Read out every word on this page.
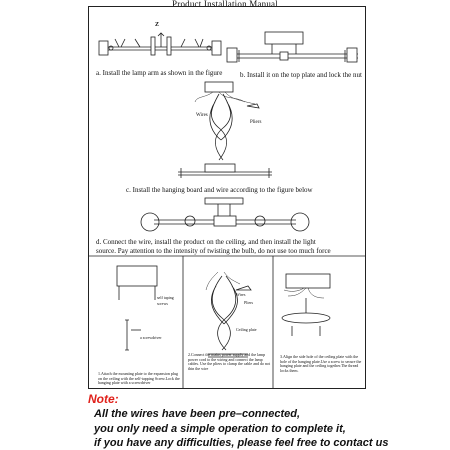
Product Installation Manual
Z
a. Install the lamp arm as shown in the figure	b. Install it on the top plate and lock the nut
Wires
Pliers
c. Install the hanging board and wire according to the figure below
d. Connect the wire, install the product on the ceiling, and then install the light
source. Pay attention to the intensity of twisting the bulb, do not use too much force
self taping
screws
a screwdriver
1.Attach the mounting plate to the expansion plug on the ceiling with the self-tapping Screw.Lock the hanging plate with a screwdriver
Wires
Pliers
Ceiling plate
2.Connect the mains power supply and the lamp power cord to the wiring and connect the lamp cables. Use the pliers to clamp the cable and do not thin the wire
3.Align the side hole of the ceiling plate with the hole of the hanging plate.Use a screw to secure the hanging plate and the ceiling together.The thread locks them.
Note:
All the wires have been pre–connected,
you only need a simple operation to complete it,
if you have any difficulties, please feel free to contact us
